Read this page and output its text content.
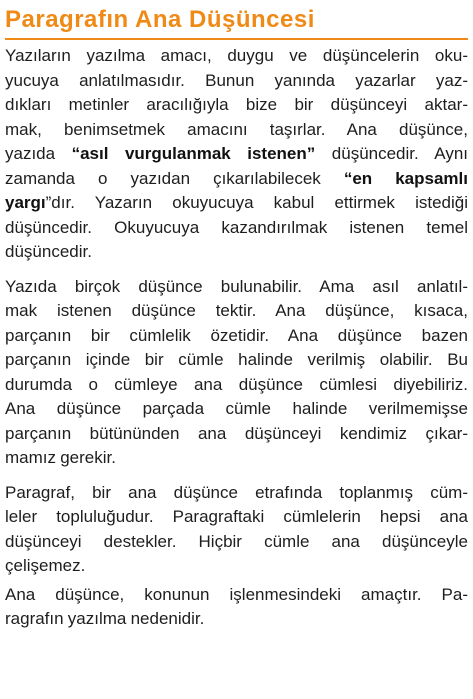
Paragrafın Ana Düşüncesi
Yazıların yazılma amacı, duygu ve düşüncelerin oku-
yucuya anlatılmasıdır. Bunun yanında yazarlar yaz-
dıkları metinler aracılığıyla bize bir düşünceyi aktar-
mak, benimsetmek amacını taşırlar. Ana düşünce,
yazıda “asıl vurgulanmak istenen” düşüncedir. Aynı
zamanda o yazıdan çıkarılabilecek “en kapsamlı
yargı”dır. Yazarın okuyucuya kabul ettirmek istediği
düşüncedir. Okuyucuya kazandırılmak istenen temel
düşüncedir.
Yazıda birçok düşünce bulunabilir. Ama asıl anlatıl-
mak istenen düşünce tektir. Ana düşünce, kısaca,
parçanın bir cümlelik özetidir. Ana düşünce bazen
parçanın içinde bir cümle halinde verilmiş olabilir. Bu
durumda o cümleye ana düşünce cümlesi diyebiliriz.
Ana düşünce parçada cümle halinde verilmemişse
parçanın bütününden ana düşünceyi kendimiz çıkar-
mamız gerekir.
Paragraf, bir ana düşünce etrafında toplanmış cüm-
leler topluluğudur. Paragraftaki cümlelerin hepsi ana
düşünceyi destekler. Hiçbir cümle ana düşünceyle
çelişemez.
Ana düşünce, konunun işlenmesindeki amaçtır. Pa-
ragrafın yazılma nedenidir.
